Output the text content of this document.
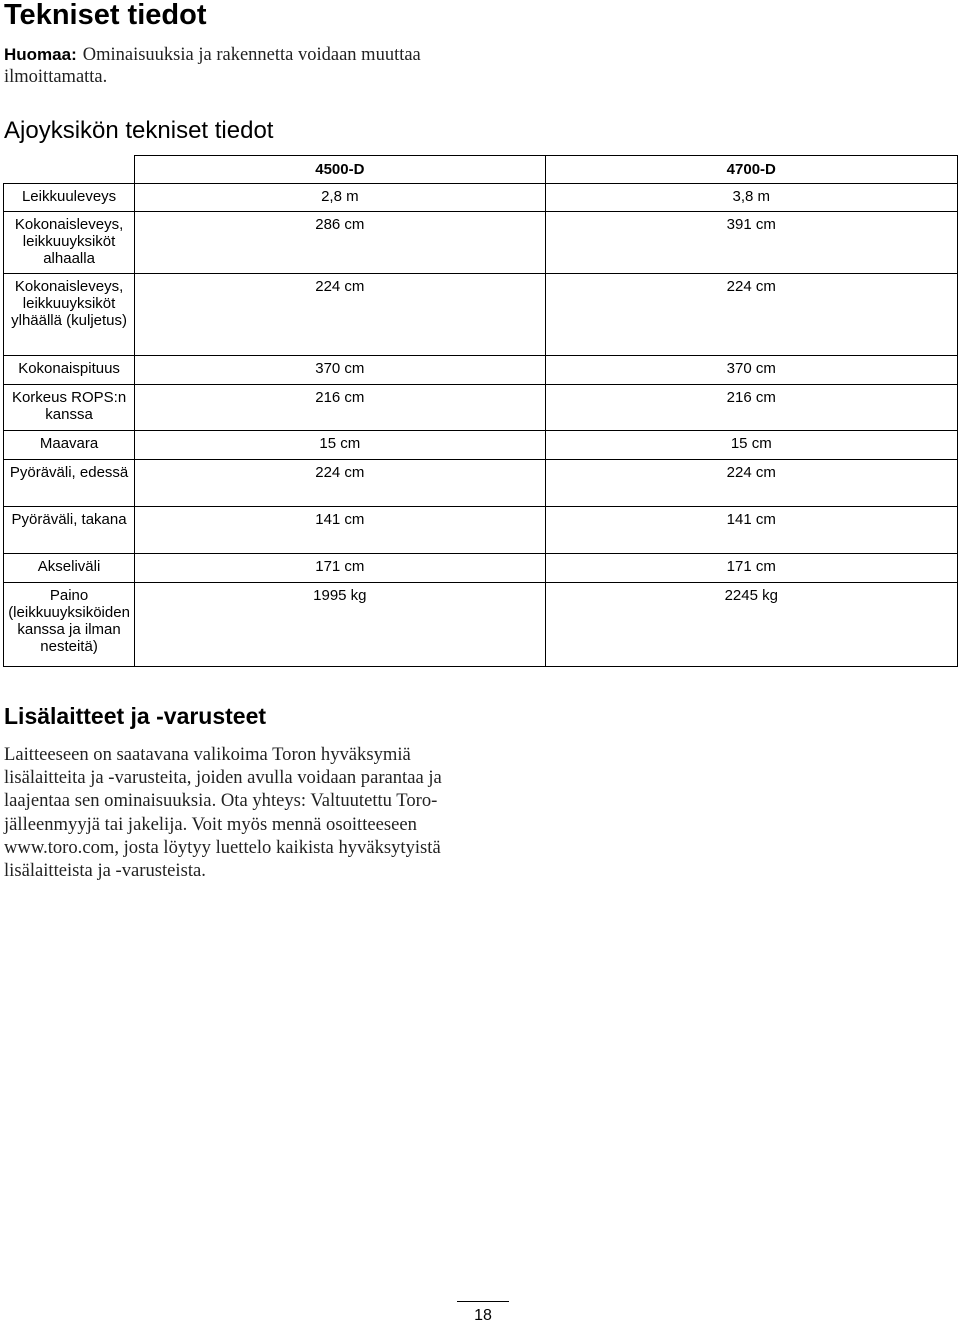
Tekniset tiedot

Huomaa: Ominaisuuksia ja rakennetta voidaan muuttaa ilmoittamatta.

Ajoyksikön tekniset tiedot
	4500-D	4700-D
Leikkuuleveys	2,8 m	3,8 m
Kokonaisleveys, leikkuuyksiköt alhaalla	286 cm	391 cm
Kokonaisleveys, leikkuuyksiköt ylhäällä (kuljetus)	224 cm	224 cm
Kokonaispituus	370 cm	370 cm
Korkeus ROPS:n kanssa	216 cm	216 cm
Maavara	15 cm	15 cm
Pyöräväli, edessä	224 cm	224 cm
Pyöräväli, takana	141 cm	141 cm
Akseliväli	171 cm	171 cm
Paino (leikkuuyksiköiden kanssa ja ilman nesteitä)	1995 kg	2245 kg
Lisälaitteet ja -varusteet

Laitteeseen on saatavana valikoima Toron hyväksymiä lisälaitteita ja -varusteita, joiden avulla voidaan parantaa ja laajentaa sen ominaisuuksia. Ota yhteys: Valtuutettu Toro-jälleenmyyjä tai jakelija. Voit myös mennä osoitteeseen www.toro.com, josta löytyy luettelo kaikista hyväksytyistä lisälaitteista ja -varusteista.

18
